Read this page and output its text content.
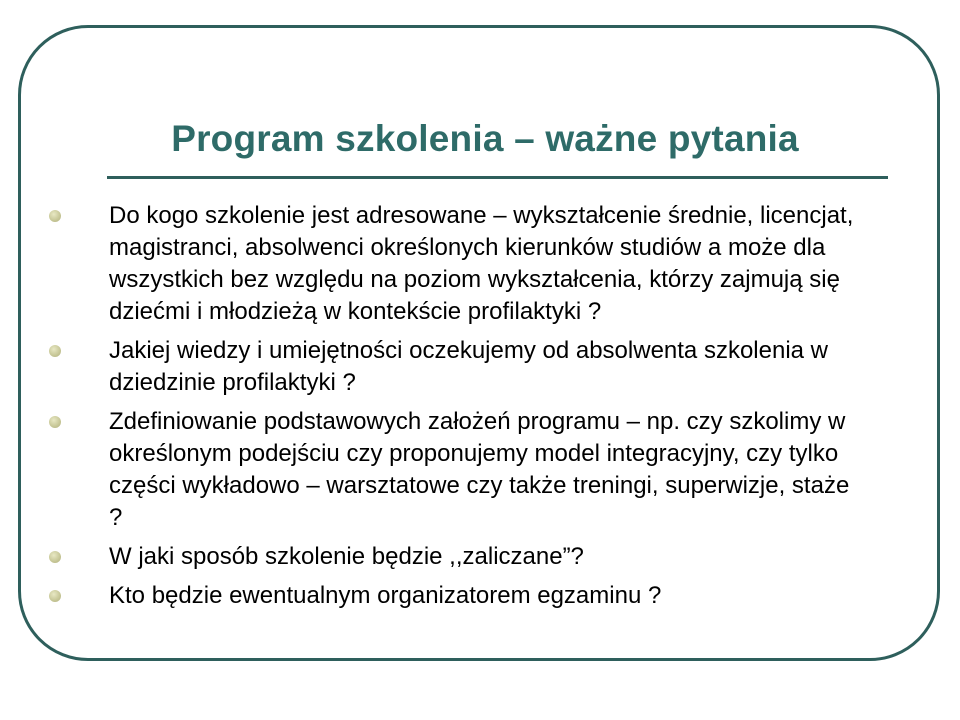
Program szkolenia – ważne pytania
Do kogo szkolenie jest adresowane – wykształcenie średnie, licencjat, magistranci, absolwenci określonych kierunków studiów a może dla wszystkich bez względu na poziom wykształcenia, którzy zajmują się dziećmi i młodzieżą w kontekście profilaktyki ?
Jakiej wiedzy i umiejętności oczekujemy od absolwenta szkolenia w dziedzinie profilaktyki ?
Zdefiniowanie podstawowych założeń programu – np. czy szkolimy w określonym podejściu czy proponujemy model integracyjny, czy tylko części wykładowo – warsztatowe czy także treningi, superwizje, staże ?
W jaki sposób szkolenie będzie ,,zaliczane”?
Kto będzie ewentualnym organizatorem egzaminu ?
